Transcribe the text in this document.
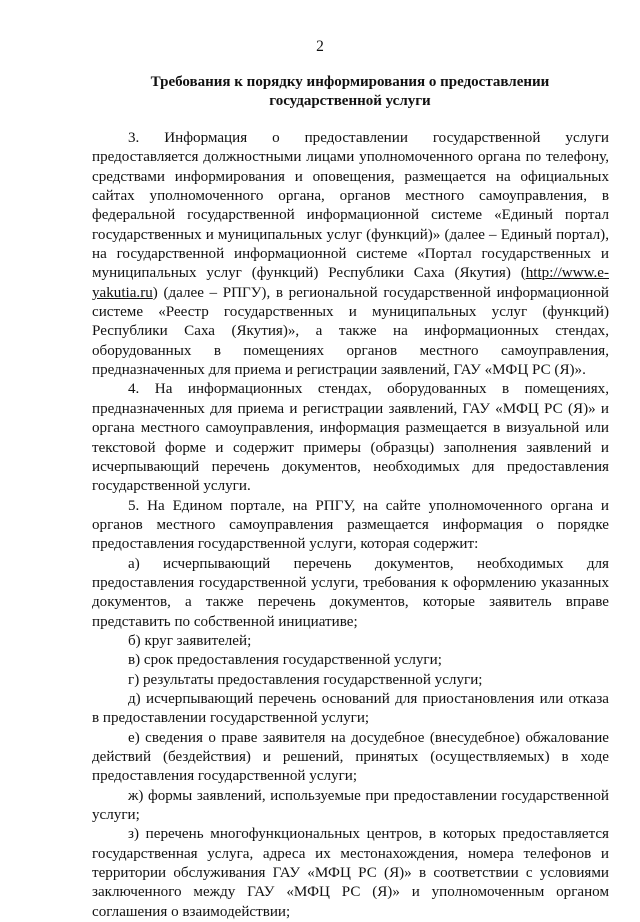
2
Требования к порядку информирования о предоставлении
государственной услуги

3. Информация о предоставлении государственной услуги предоставляется должностными лицами уполномоченного органа по телефону, средствами информирования и оповещения, размещается на официальных сайтах уполномоченного органа, органов местного самоуправления, в федеральной государственной информационной системе «Единый портал государственных и муниципальных услуг (функций)» (далее – Единый портал), на государственной информационной системе «Портал государственных и муниципальных услуг (функций) Республики Саха (Якутия) (http://www.e-yakutia.ru) (далее – РПГУ), в региональной государственной информационной системе «Реестр государственных и муниципальных услуг (функций) Республики Саха (Якутия)», а также на информационных стендах, оборудованных в помещениях органов местного самоуправления, предназначенных для приема и регистрации заявлений, ГАУ «МФЦ РС (Я)».

4. На информационных стендах, оборудованных в помещениях, предназначенных для приема и регистрации заявлений, ГАУ «МФЦ РС (Я)» и органа местного самоуправления, информация размещается в визуальной или текстовой форме и содержит примеры (образцы) заполнения заявлений и исчерпывающий перечень документов, необходимых для предоставления государственной услуги.

5. На Едином портале, на РПГУ, на сайте уполномоченного органа и органов местного самоуправления размещается информация о порядке предоставления государственной услуги, которая содержит:

а) исчерпывающий перечень документов, необходимых для предоставления государственной услуги, требования к оформлению указанных документов, а также перечень документов, которые заявитель вправе представить по собственной инициативе;

б) круг заявителей;

в) срок предоставления государственной услуги;

г) результаты предоставления государственной услуги;

д) исчерпывающий перечень оснований для приостановления или отказа в предоставлении государственной услуги;

е) сведения о праве заявителя на досудебное (внесудебное) обжалование действий (бездействия) и решений, принятых (осуществляемых) в ходе предоставления государственной услуги;

ж) формы заявлений, используемые при предоставлении государственной услуги;

з) перечень многофункциональных центров, в которых предоставляется государственная услуга, адреса их местонахождения, номера телефонов и территории обслуживания ГАУ «МФЦ РС (Я)» в соответствии с условиями заключенного между ГАУ «МФЦ РС (Я)» и уполномоченным органом соглашения о взаимодействии;
